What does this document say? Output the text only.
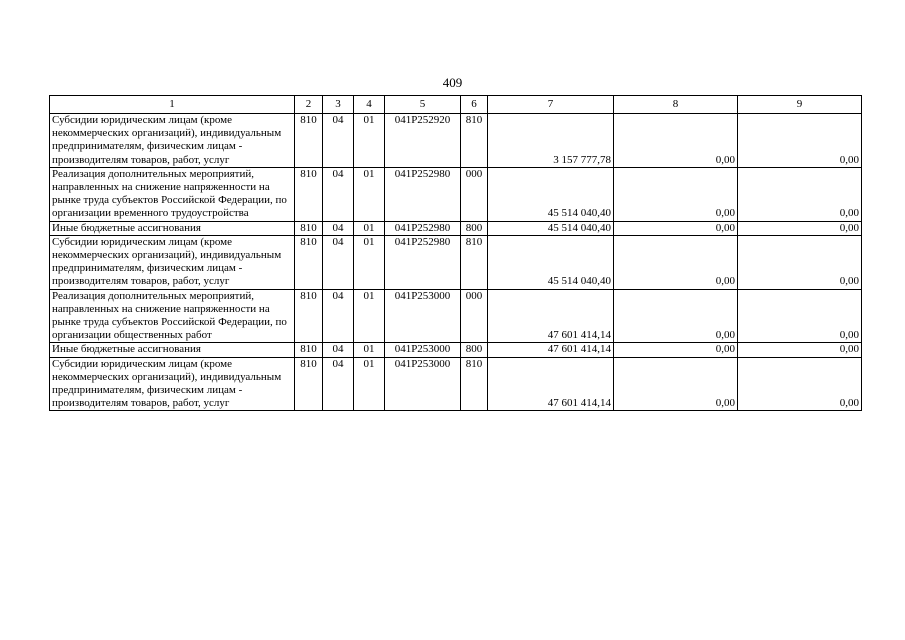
409
1	2	3	4	5	6	7	8	9
Субсидии юридическим лицам (кроме некоммерческих организаций), индивидуальным предпринимателям, физическим лицам - производителям товаров, работ, услуг	810	04	01	041P252920	810	3 157 777,78	0,00	0,00
Реализация дополнительных мероприятий, направленных на снижение напряженности на рынке труда субъектов Российской Федерации, по организации временного трудоустройства	810	04	01	041P252980	000	45 514 040,40	0,00	0,00
Иные бюджетные ассигнования	810	04	01	041P252980	800	45 514 040,40	0,00	0,00
Субсидии юридическим лицам (кроме некоммерческих организаций), индивидуальным предпринимателям, физическим лицам - производителям товаров, работ, услуг	810	04	01	041P252980	810	45 514 040,40	0,00	0,00
Реализация дополнительных мероприятий, направленных на снижение напряженности на рынке труда субъектов Российской Федерации, по организации общественных работ	810	04	01	041P253000	000	47 601 414,14	0,00	0,00
Иные бюджетные ассигнования	810	04	01	041P253000	800	47 601 414,14	0,00	0,00
Субсидии юридическим лицам (кроме некоммерческих организаций), индивидуальным предпринимателям, физическим лицам - производителям товаров, работ, услуг	810	04	01	041P253000	810	47 601 414,14	0,00	0,00
